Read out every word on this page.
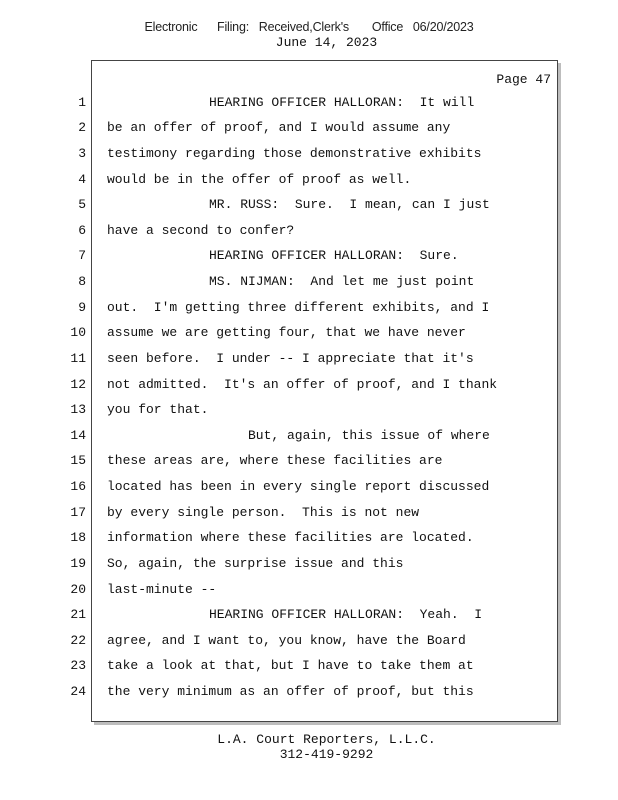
Electronic      Filing:   Received,Clerk's       Office   06/20/2023
June 14, 2023
Page 47
1
2
3
4
5
6
7
8
9
10
11
12
13
14
15
16
17
18
19
20
21
22
23
24
HEARING OFFICER HALLORAN:  It will
be an offer of proof, and I would assume any
testimony regarding those demonstrative exhibits
would be in the offer of proof as well.
MR. RUSS:  Sure.  I mean, can I just
have a second to confer?
HEARING OFFICER HALLORAN:  Sure.
MS. NIJMAN:  And let me just point
out.  I'm getting three different exhibits, and I
assume we are getting four, that we have never
seen before.  I under -- I appreciate that it's
not admitted.  It's an offer of proof, and I thank
you for that.
But, again, this issue of where
these areas are, where these facilities are
located has been in every single report discussed
by every single person.  This is not new
information where these facilities are located.
So, again, the surprise issue and this
last-minute --
HEARING OFFICER HALLORAN:  Yeah.  I
agree, and I want to, you know, have the Board
take a look at that, but I have to take them at
the very minimum as an offer of proof, but this
L.A. Court Reporters, L.L.C.
312-419-9292
